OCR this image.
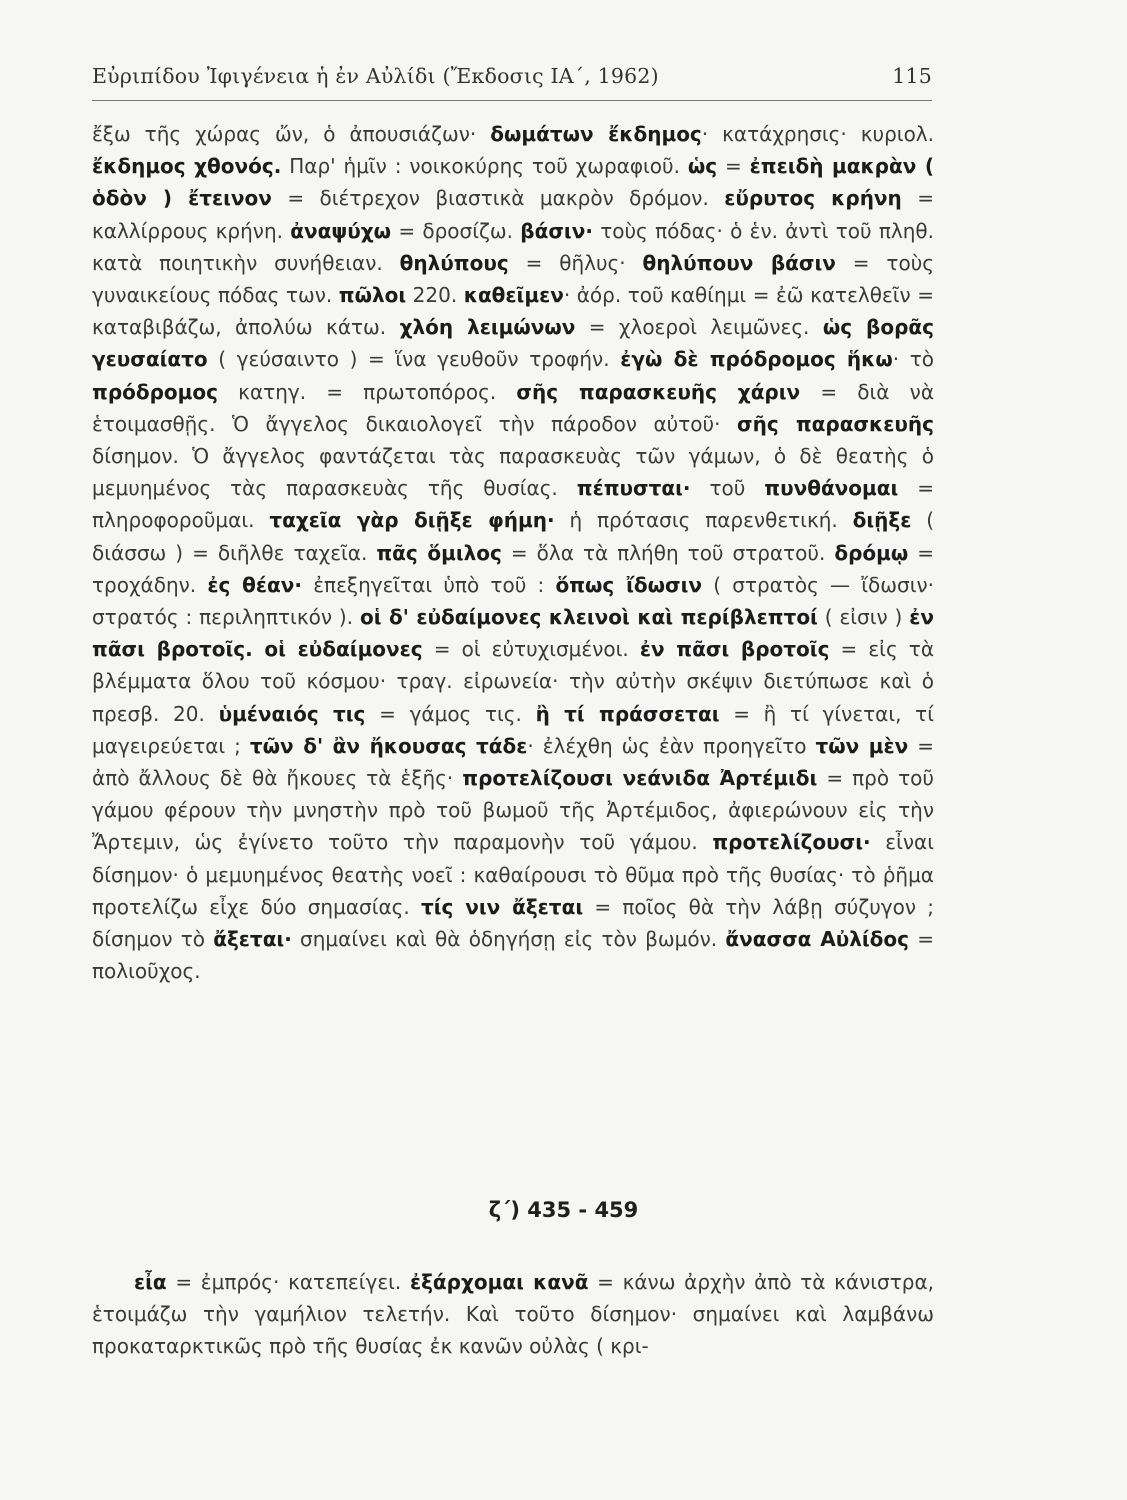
Εὐριπίδου Ἰφιγένεια ἡ ἐν Αὐλίδι (Ἔκδοσις ΙΑ΄, 1962)	115

ἔξω τῆς χώρας ὤν, ὁ ἀπουσιάζων· δωμάτων ἔκδημος· κατάχρησις· κυριολ. ἔκδημος χθονός. Παρ' ἡμῖν : νοικοκύρης τοῦ χωραφιοῦ. ὡς = ἐπειδὴ μακρὰν ( ὁδὸν ) ἔτεινον = διέτρεχον βιαστικὰ μακρὸν δρόμον. εὔρυτος κρήνη = καλλίρρους κρήνη. ἀναψύχω = δροσίζω. βάσιν· τοὺς πόδας· ὁ ἑν. ἀντὶ τοῦ πληθ. κατὰ ποιητικὴν συνήθειαν. θηλύπους = θῆλυς· θηλύπουν βάσιν = τοὺς γυναικείους πόδας των. πῶλοι 220. καθεῖμεν· ἀόρ. τοῦ καθίημι = ἐῶ κατελθεῖν = καταβιβάζω, ἀπολύω κάτω. χλόη λειμώνων = χλοεροὶ λειμῶνες. ὡς βορᾶς γευσαίατο ( γεύσαιντο ) = ἵνα γευθοῦν τροφήν. ἐγὼ δὲ πρόδρομος ἥκω· τὸ πρόδρομος κατηγ. = πρωτοπόρος. σῆς παρασκευῆς χάριν = διὰ νὰ ἑτοιμασθῇς. Ὁ ἄγγελος δικαιολογεῖ τὴν πάροδον αὐτοῦ· σῆς παρασκευῆς δίσημον. Ὁ ἄγγελος φαντάζεται τὰς παρασκευὰς τῶν γάμων, ὁ δὲ θεατὴς ὁ μεμυημένος τὰς παρασκευὰς τῆς θυσίας. πέπυσται· τοῦ πυνθάνομαι = πληροφοροῦμαι. ταχεῖα γὰρ διῇξε φήμη· ἡ πρότασις παρενθετική. διῇξε ( διάσσω ) = διῆλθε ταχεῖα. πᾶς ὅμιλος = ὅλα τὰ πλήθη τοῦ στρατοῦ. δρόμῳ = τροχάδην. ἐς θέαν· ἐπεξηγεῖται ὑπὸ τοῦ : ὅπως ἴδωσιν ( στρατὸς — ἴδωσιν· στρατός : περιληπτικόν ). οἱ δ' εὐδαίμονες κλεινοὶ καὶ περίβλεπτοί ( εἰσιν ) ἐν πᾶσι βροτοῖς. οἱ εὐδαίμονες = οἱ εὐτυχισμένοι. ἐν πᾶσι βροτοῖς = εἰς τὰ βλέμματα ὅλου τοῦ κόσμου· τραγ. εἰρωνεία· τὴν αὐτὴν σκέψιν διετύπωσε καὶ ὁ πρεσβ. 20. ὑμέναιός τις = γάμος τις. ἢ τί πράσσεται = ἢ τί γίνεται, τί μαγειρεύεται ; τῶν δ' ἂν ἤκουσας τάδε· ἐλέχθη ὡς ἐὰν προηγεῖτο τῶν μὲν = ἀπὸ ἄλλους δὲ θὰ ἤκουες τὰ ἑξῆς· προτελίζουσι νεάνιδα Ἀρτέμιδι = πρὸ τοῦ γάμου φέρουν τὴν μνηστὴν πρὸ τοῦ βωμοῦ τῆς Ἀρτέμιδος, ἀφιερώνουν εἰς τὴν Ἄρτεμιν, ὡς ἐγίνετο τοῦτο τὴν παραμονὴν τοῦ γάμου. προτελίζουσι· εἶναι δίσημον· ὁ μεμυημένος θεατὴς νοεῖ : καθαίρουσι τὸ θῦμα πρὸ τῆς θυσίας· τὸ ῥῆμα προτελίζω εἶχε δύο σημασίας. τίς νιν ἄξεται = ποῖος θὰ τὴν λάβῃ σύζυγον ; δίσημον τὸ ἄξεται· σημαίνει καὶ θὰ ὁδηγήσῃ εἰς τὸν βωμόν. ἄνασσα Αὐλίδος = πολιοῦχος.

ζ΄) 435 - 459

εἶα = ἐμπρός· κατεπείγει. ἐξάρχομαι κανᾶ = κάνω ἀρχὴν ἀπὸ τὰ κάνιστρα, ἑτοιμάζω τὴν γαμήλιον τελετήν. Καὶ τοῦτο δίσημον· σημαίνει καὶ λαμβάνω προκαταρκτικῶς πρὸ τῆς θυσίας ἐκ κανῶν οὐλὰς ( κρι-
